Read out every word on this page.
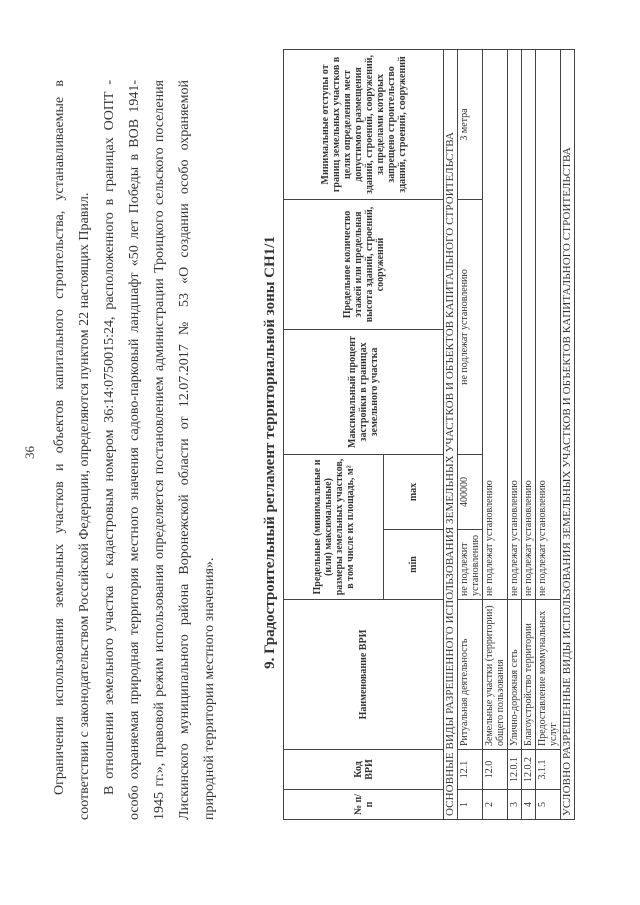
36 Ограничения использования земельных участков и объектов капитального строительства, устанавливаемые в соответствии с законодательством Российской Федерации, определяются пунктом 22 настоящих Правил. В отношении земельного участка с кадастровым номером 36:14:0750015:24, расположенного в границах ООПТ - особо охраняемая природная территория местного значения садово-парковый ландшафт «50 лет Победы в ВОВ 1941- 1945 гг.», правовой режим использования определяется постановлением администрации Троицкого сельского поселения Лискинского муниципального района Воронежской области от 12.07.2017 № 53 «О создании особо охраняемой природной территории местного значения».
9. Градостроительный регламент территориальной зоны СН1/1
№ п/п	Код ВРИ	Наименование ВРИ	Предельные (минимальные и (или) максимальные) размеры земельных участков, в том числе их площадь, м²		Максимальный процент застройки в границах земельного участка	Предельное количество этажей или предельная высота зданий, строений, сооружений	Минимальные отступы от границ земельных участков в целях определения мест допустимого размещения зданий, строений, сооружений, за пределами которых запрещено строительство зданий, строений, сооружений
			min	max			
ОСНОВНЫЕ ВИДЫ РАЗРЕШЕННОГО ИСПОЛЬЗОВАНИЯ ЗЕМЕЛЬНЫХ УЧАСТКОВ И ОБЪЕКТОВ КАПИТАЛЬНОГО СТРОИТЕЛЬСТВА							
1	12.1	Ритуальная деятельность	не подлежит установлению	400000	не подлежат установлению		3 метра
2	12.0	Земельные участки (территории) общего пользования	не подлежат установлению				
3	12.0.1	Улично-дорожная сеть	не подлежат установлению				
4	12.0.2	Благоустройство территории	не подлежат установлению				
5	3.1.1	Предоставление коммунальных услуг	не подлежат установлению				
УСЛОВНО РАЗРЕШЕННЫЕ ВИДЫ ИСПОЛЬЗОВАНИЯ ЗЕМЕЛЬНЫХ УЧАСТКОВ И ОБЪЕКТОВ КАПИТАЛЬНОГО СТРОИТЕЛЬСТВА							
